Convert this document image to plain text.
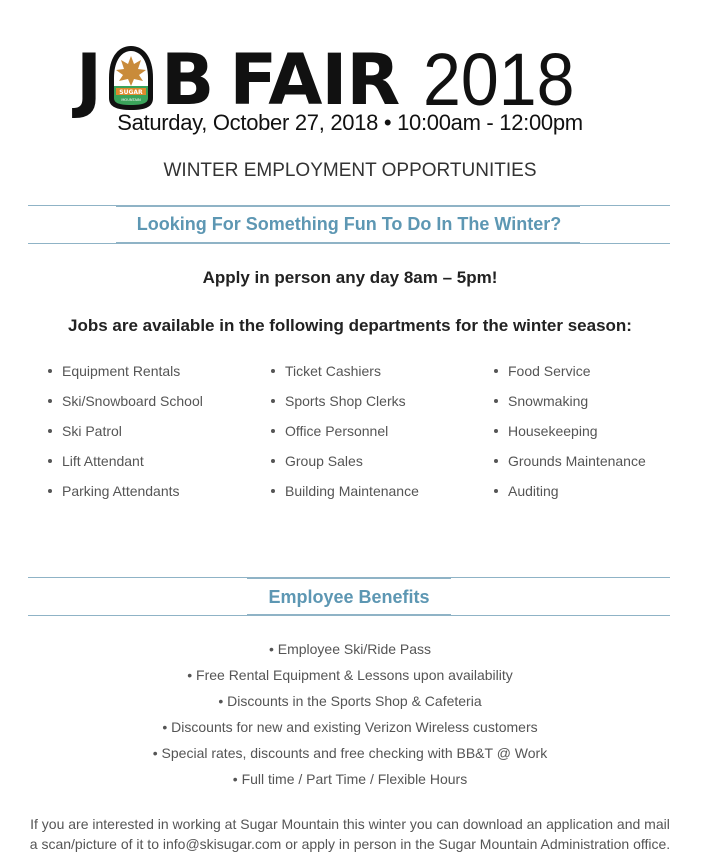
J	SUGAR
MOUNTAIN B FAIR 2018
Saturday, October 27, 2018 • 10:00am - 12:00pm
WINTER EMPLOYMENT OPPORTUNITIES
Looking For Something Fun To Do In The Winter?
Apply in person any day 8am – 5pm!
Jobs are available in the following departments for the winter season:
Equipment Rentals
Ski/Snowboard School
Ski Patrol
Lift Attendant
Parking Attendants
Ticket Cashiers
Sports Shop Clerks
Office Personnel
Group Sales
Building Maintenance
Food Service
Snowmaking
Housekeeping
Grounds Maintenance
Auditing
Employee Benefits
• Employee Ski/Ride Pass
• Free Rental Equipment & Lessons upon availability
• Discounts in the Sports Shop & Cafeteria
• Discounts for new and existing Verizon Wireless customers
• Special rates, discounts and free checking with BB&T @ Work
• Full time / Part Time / Flexible Hours
If you are interested in working at Sugar Mountain this winter you can download an application and mail
a scan/picture of it to info@skisugar.com or apply in person in the Sugar Mountain Administration office.
